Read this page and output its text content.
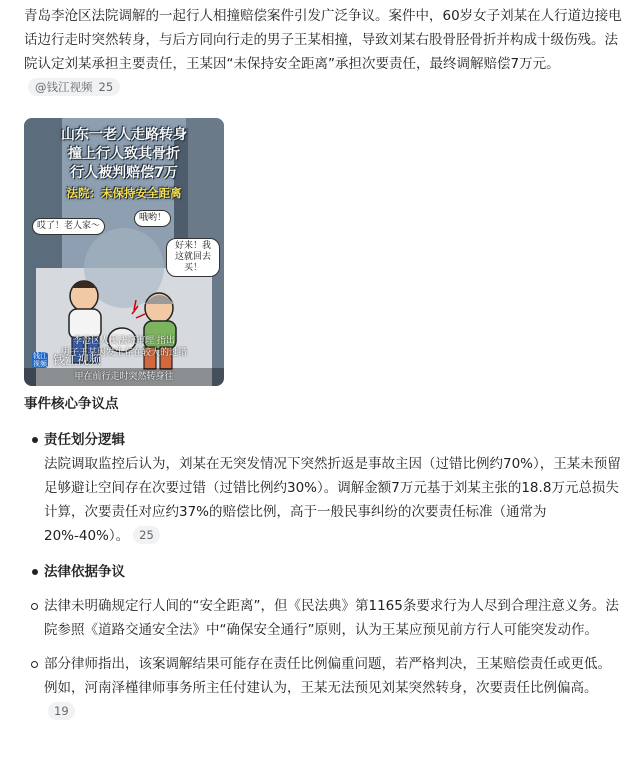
青岛李沧区法院调解的一起行人相撞赔偿案件引发广泛争议。案件中，60岁女子刘某在人行道边接电话边行走时突然转身，与后方同向行走的男子王某相撞，导致刘某右股骨胫骨折并构成十级伤残。法院认定刘某承担主要责任，王某因“未保持安全距离”承担次要责任，最终调解赔偿7万元。@钱江视频 25

山东一老人走路转身
撞上行人致其骨折
行人被判赔偿7万
法院：未保持安全距离
哎了！老人家～
哦哟！
好来！我这就回去买！
李沧区人民法院审理 指出
男子王某因发生存在较大的过错
甲在前行走时突然转身往
钱江视频 钱江视频
事件核心争议点
责任划分逻辑
法院调取监控后认为，刘某在无突发情况下突然折返是事故主因（过错比例约70%），王某未预留足够避让空间存在次要过错（过错比例约30%）。调解金额7万元基于刘某主张的18.8万元总损失计算，次要责任对应约37%的赔偿比例，高于一般民事纠纷的次要责任标准（通常为20%-40%）。 25
法律依据争议
法律未明确规定行人间的“安全距离”，但《民法典》第1165条要求行为人尽到合理注意义务。法院参照《道路交通安全法》中“确保安全通行”原则，认为王某应预见前方行人可能突发动作。
部分律师指出，该案调解结果可能存在责任比例偏重问题，若严格判决，王某赔偿责任或更低。例如，河南泽槿律师事务所主任付建认为，王某无法预见刘某突然转身，次要责任比例偏高。19
